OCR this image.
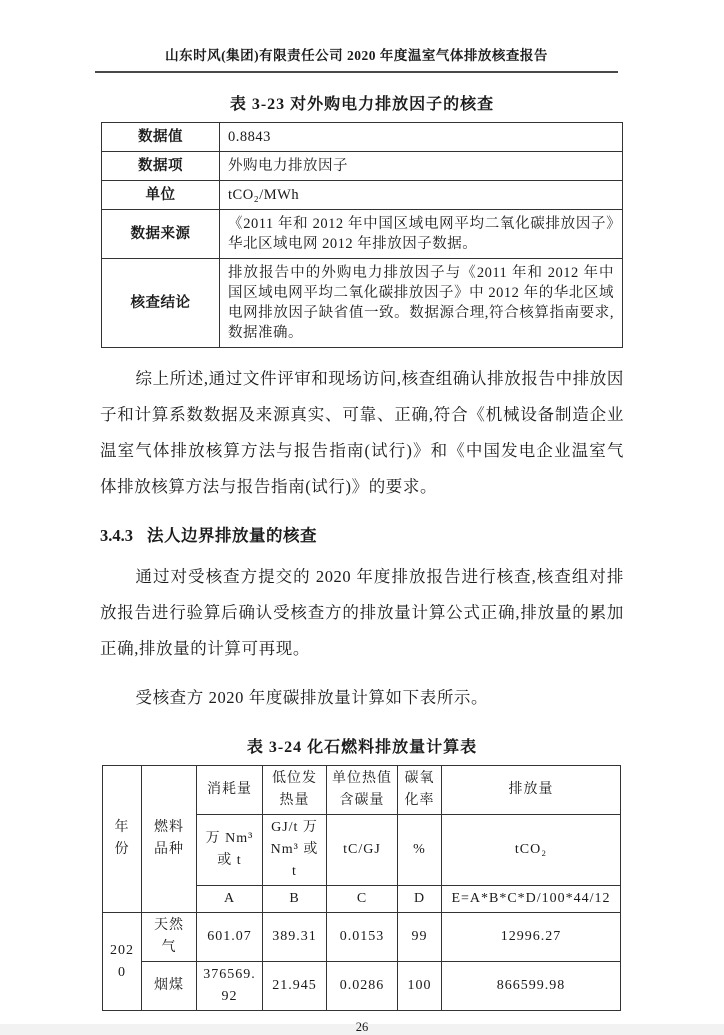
山东时风(集团)有限责任公司 2020 年度温室气体排放核查报告
表 3-23 对外购电力排放因子的核查
数据值	0.8843
数据项	外购电力排放因子
单位	tCO₂/MWh
数据来源	《2011 年和 2012 年中国区域电网平均二氧化碳排放因子》华北区域电网 2012 年排放因子数据。
核查结论	排放报告中的外购电力排放因子与《2011 年和 2012 年中国区域电网平均二氧化碳排放因子》中 2012 年的华北区域电网排放因子缺省值一致。数据源合理,符合核算指南要求,数据准确。

综上所述,通过文件评审和现场访问,核查组确认排放报告中排放因子和计算系数数据及来源真实、可靠、正确,符合《机械设备制造企业温室气体排放核算方法与报告指南(试行)》和《中国发电企业温室气体排放核算方法与报告指南(试行)》的要求。

3.4.3 法人边界排放量的核查

通过对受核查方提交的 2020 年度排放报告进行核查,核查组对排放报告进行验算后确认受核查方的排放量计算公式正确,排放量的累加正确,排放量的计算可再现。

受核查方 2020 年度碳排放量计算如下表所示。

表 3-24 化石燃料排放量计算表
年份	燃料品种	消耗量	低位发热量	单位热值含碳量	碳氧化率	排放量
		万 Nm³ 或 t	GJ/t 万 Nm³ 或 t	tC/GJ	%	tCO₂
		A	B	C	D	E=A*B*C*D/100*44/12
2020	天然气	601.07	389.31	0.0153	99	12996.27
	烟煤	376569.92	21.945	0.0286	100	866599.98
26
